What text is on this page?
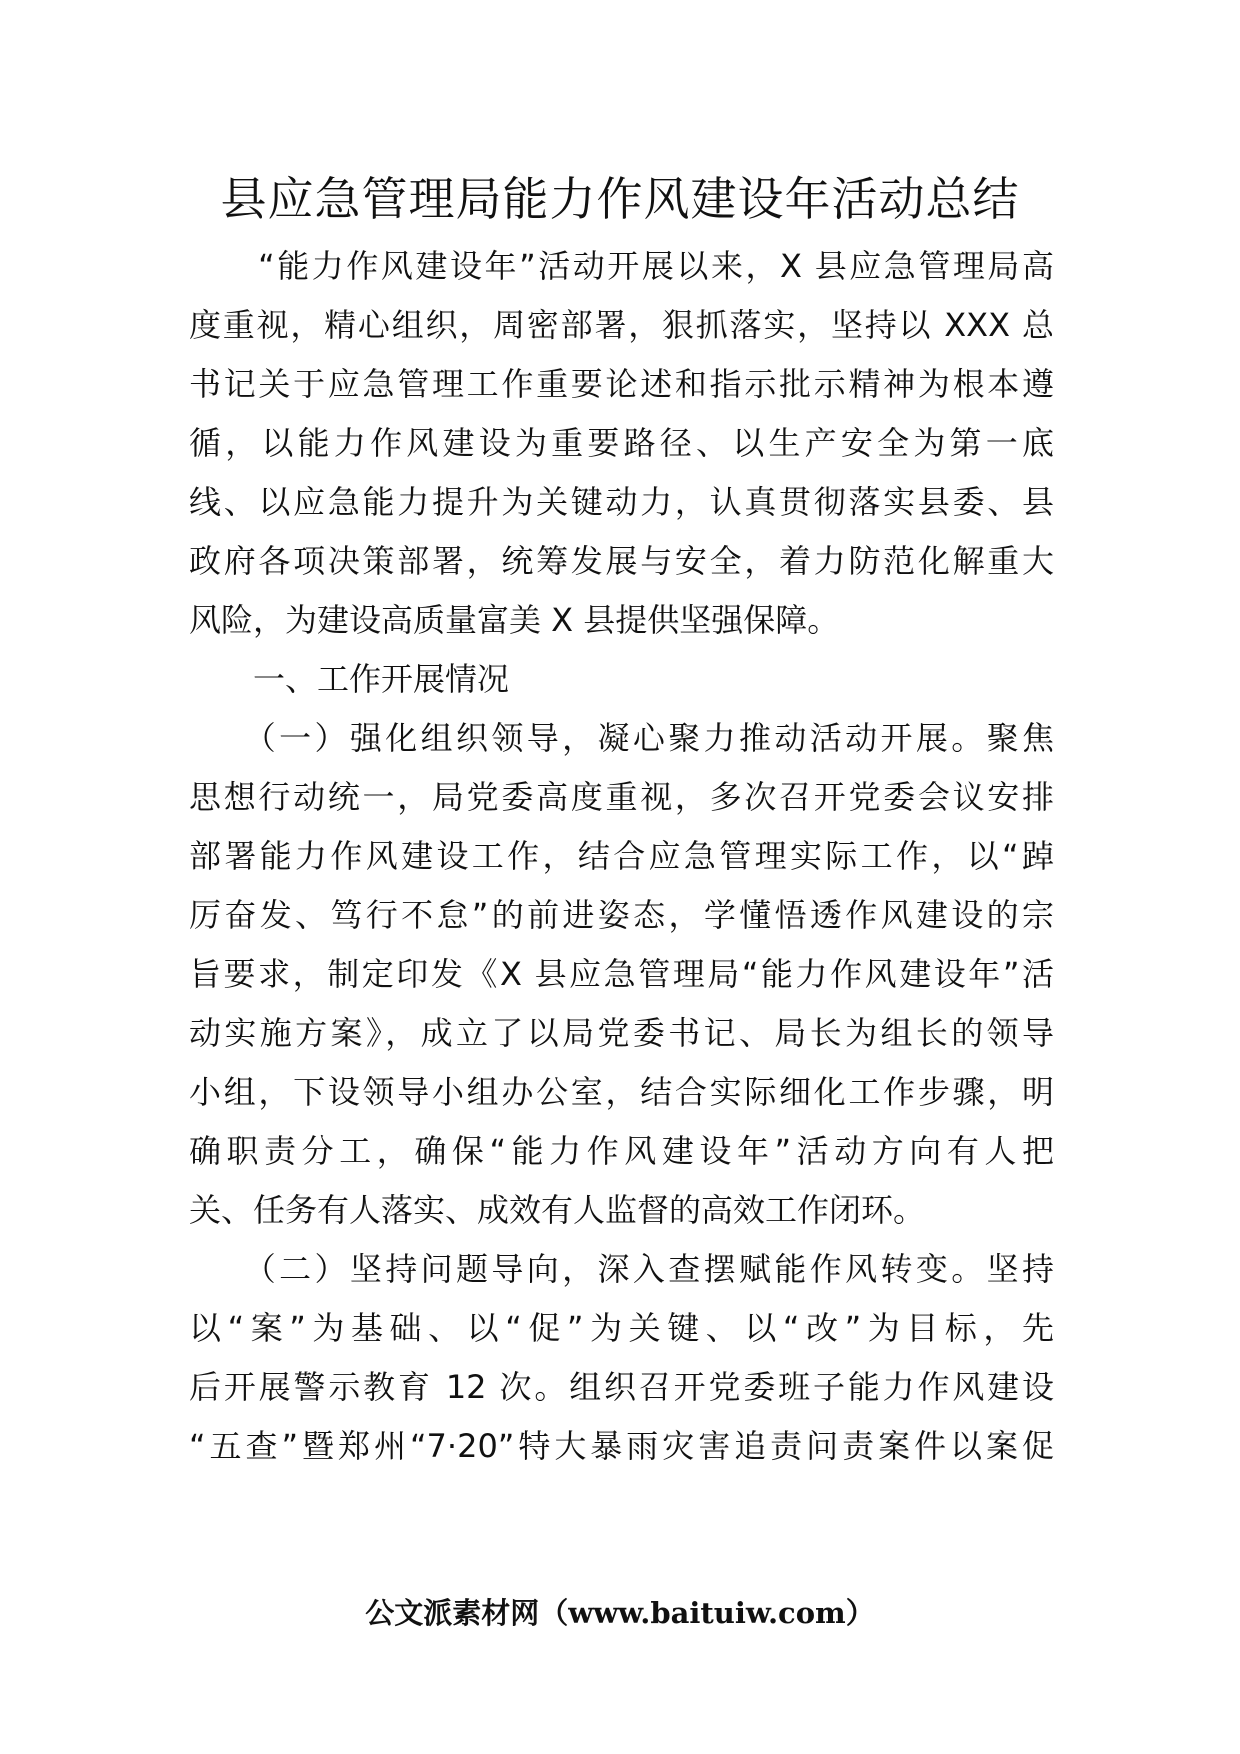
县应急管理局能力作风建设年活动总结
　　“能力作风建设年”活动开展以来，X 县应急管理局高
度重视，精心组织，周密部署，狠抓落实，坚持以 XXX 总
书记关于应急管理工作重要论述和指示批示精神为根本遵
循，以能力作风建设为重要路径、以生产安全为第一底
线、以应急能力提升为关键动力，认真贯彻落实县委、县
政府各项决策部署，统筹发展与安全，着力防范化解重大
风险，为建设高质量富美 X 县提供坚强保障。
　　一、工作开展情况
　　（一）强化组织领导，凝心聚力推动活动开展。聚焦
思想行动统一，局党委高度重视，多次召开党委会议安排
部署能力作风建设工作，结合应急管理实际工作，以“踔
厉奋发、笃行不怠”的前进姿态，学懂悟透作风建设的宗
旨要求，制定印发《X 县应急管理局“能力作风建设年”活
动实施方案》，成立了以局党委书记、局长为组长的领导
小组，下设领导小组办公室，结合实际细化工作步骤，明
确职责分工，确保“能力作风建设年”活动方向有人把
关、任务有人落实、成效有人监督的高效工作闭环。
　　（二）坚持问题导向，深入查摆赋能作风转变。坚持
以“案”为基础、以“促”为关键、以“改”为目标，先
后开展警示教育 12 次。组织召开党委班子能力作风建设
“五查”暨郑州“7·20”特大暴雨灾害追责问责案件以案促
公文派素材网（www.baituiw.com）
